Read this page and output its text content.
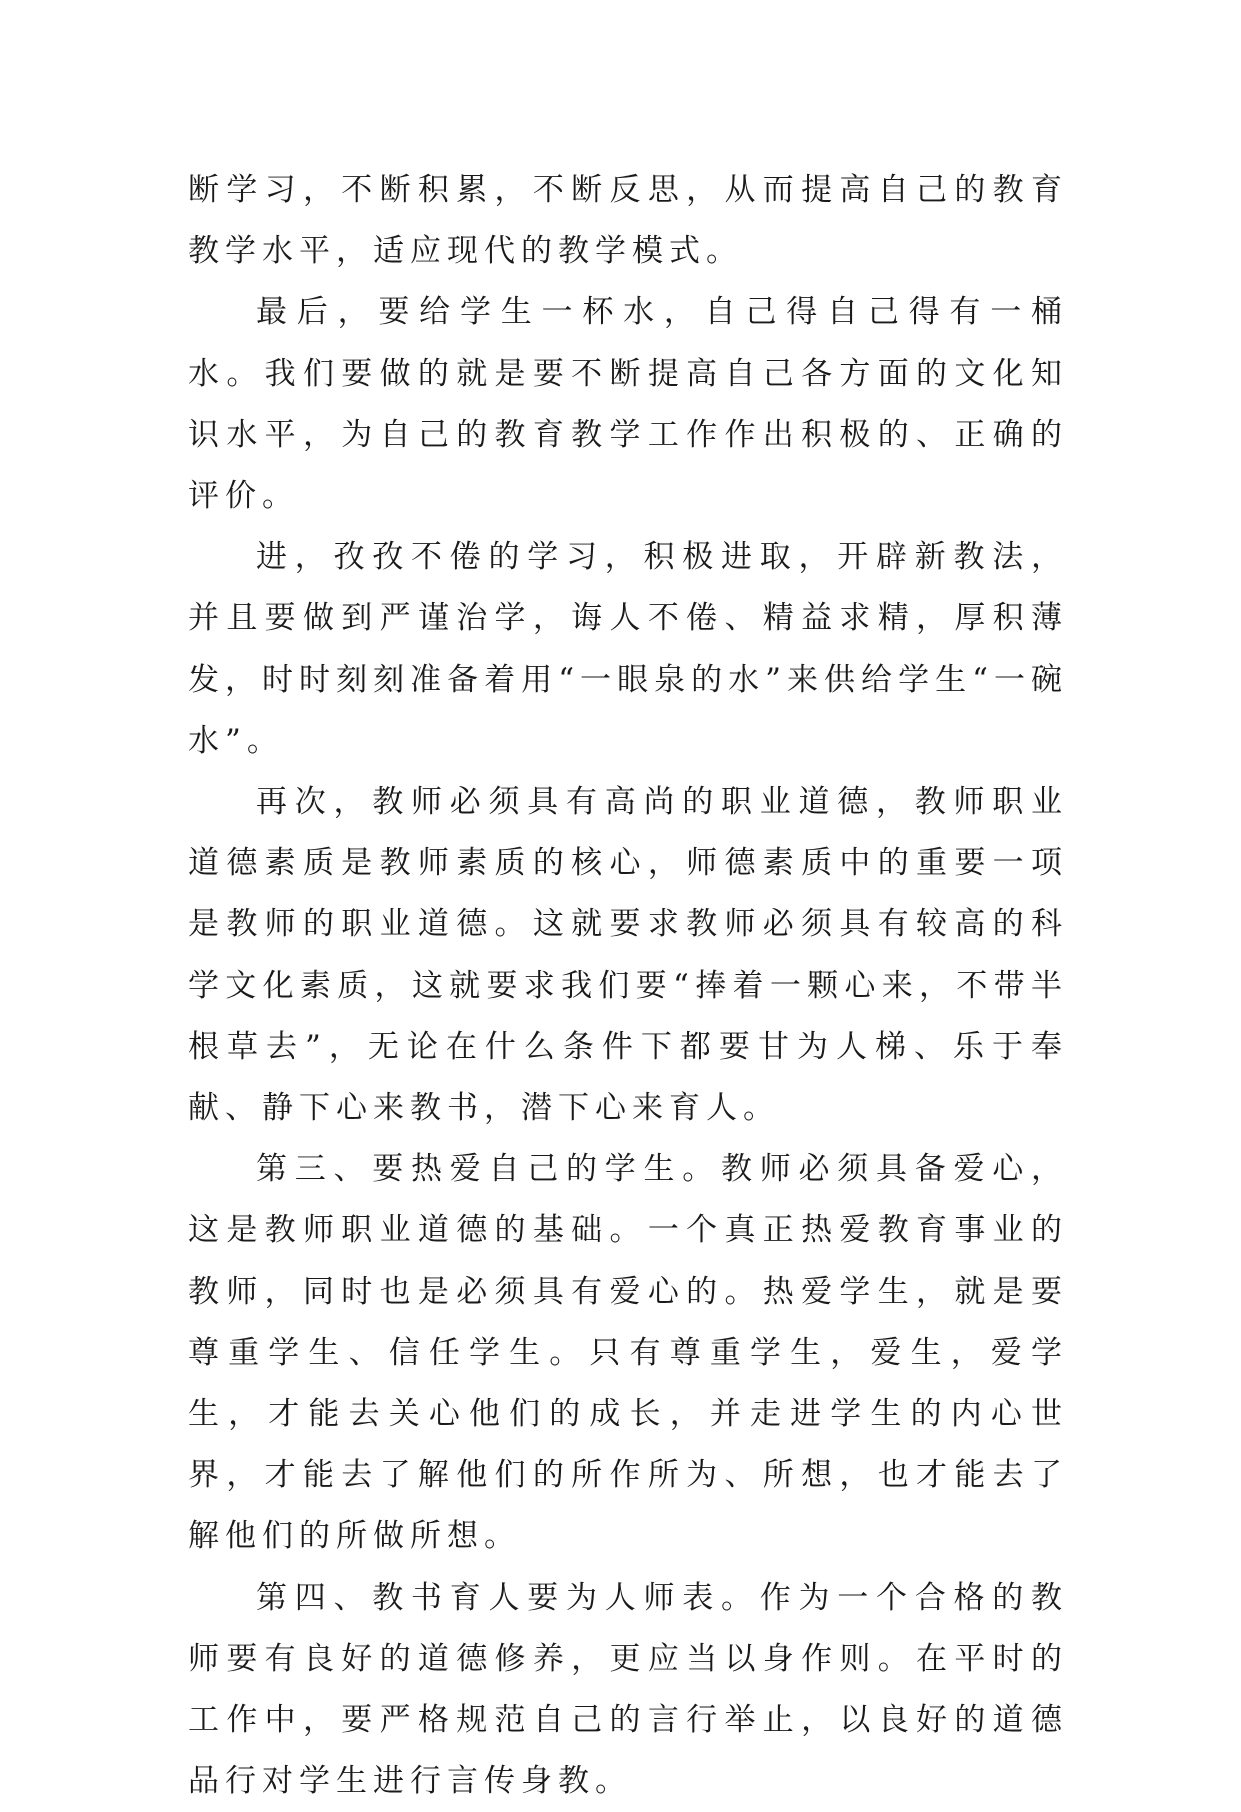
断学习，不断积累，不断反思，从而提高自己的教育教学水平，适应现代的教学模式。

最后，要给学生一杯水，自己得自己得有一桶水。我们要做的就是要不断提高自己各方面的文化知识水平，为自己的教育教学工作作出积极的、正确的评价。

进，孜孜不倦的学习，积极进取，开辟新教法，并且要做到严谨治学，诲人不倦、精益求精，厚积薄发，时时刻刻准备着用“一眼泉的水”来供给学生“一碗水”。

再次，教师必须具有高尚的职业道德，教师职业道德素质是教师素质的核心，师德素质中的重要一项是教师的职业道德。这就要求教师必须具有较高的科学文化素质，这就要求我们要“捧着一颗心来，不带半根草去”，无论在什么条件下都要甘为人梯、乐于奉献、静下心来教书，潜下心来育人。

第三、要热爱自己的学生。教师必须具备爱心，这是教师职业道德的基础。一个真正热爱教育事业的教师，同时也是必须具有爱心的。热爱学生，就是要尊重学生、信任学生。只有尊重学生，爱生，爱学生，才能去关心他们的成长，并走进学生的内心世界，才能去了解他们的所作所为、所想，也才能去了解他们的所做所想。

第四、教书育人要为人师表。作为一个合格的教师要有良好的道德修养，更应当以身作则。在平时的工作中，要严格规范自己的言行举止，以良好的道德品行对学生进行言传身教。
